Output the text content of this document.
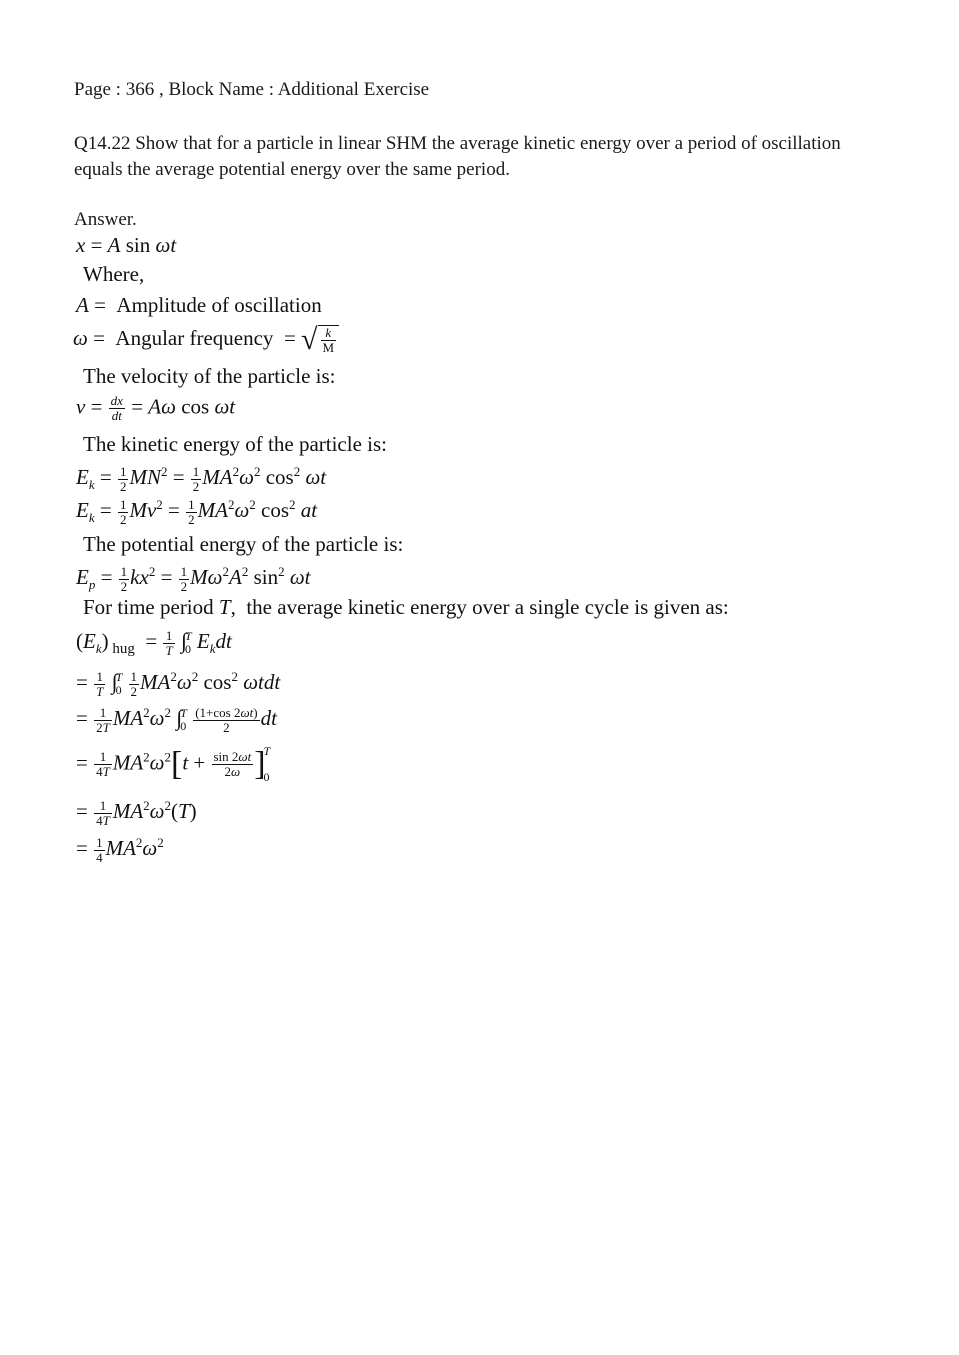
Page : 366 , Block Name : Additional Exercise
Q14.22 Show that for a particle in linear SHM the average kinetic energy over a period of oscillation equals the average potential energy over the same period.
Answer.
x = A sin ωt
Where,
A =  Amplitude of oscillation
ω =  Angular frequency  = √ $\frac{k}{M}$
The velocity of the particle is:
$v = \frac{dx}{dt} = A\omega$ cos ωt
The kinetic energy of the particle is:
$E_k = \frac{1}{2} MN^2 = \frac{1}{2} MA^2\omega^2$ $\cos^2 \omega t$
$E_k = \frac{1}{2} Mv^2 = \frac{1}{2} MA^2\omega^2$ $\cos^2$ at
The potential energy of the particle is:
$E_p = \frac{1}{2} kx^2 = \frac{1}{2} M\omega^2A^2$ $\sin^2 \omega t$
For time period T,  the average kinetic energy over a single cycle is given as:
$(E_k) _{hug} = \frac{1}{T}$ ∫
T
0 $E_kdt$
= $\frac{1}{T}$ ∫
T
0
$\frac{1}{2} MA^2\omega^2$ $\cos^2 \omega tdt$
= $\frac{1}{2T} MA^2\omega^2$ ∫
T
0
$\frac{(1+\cos 2\omega t)}{2}$ dt
= $\frac{1}{4T} MA^2\omega^2[t + \frac{\sin 2\omega t}{2\omega}$ ]
T

0
= $\frac{1}{4T} MA^2\omega^2(T)$
= $\frac{1}{4} MA^2\omega^2$
